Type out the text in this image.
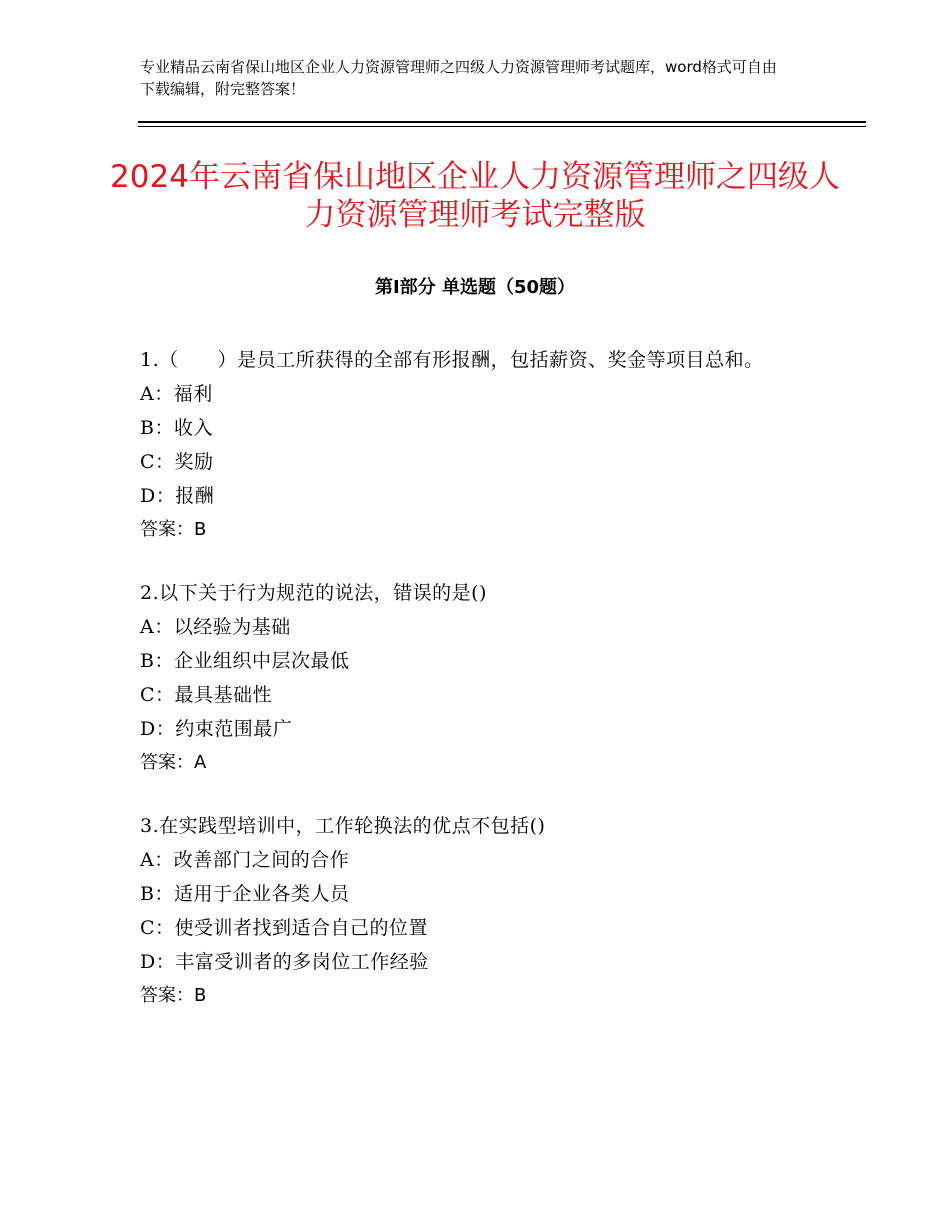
专业精品云南省保山地区企业人力资源管理师之四级人力资源管理师考试题库，word格式可自由下载编辑，附完整答案！
2024年云南省保山地区企业人力资源管理师之四级人力资源管理师考试完整版
第Ⅰ部分 单选题（50题）
1.（　　）是员工所获得的全部有形报酬，包括薪资、奖金等项目总和。
A：福利
B：收入
C：奖励
D：报酬
答案：B
2.以下关于行为规范的说法，错误的是()
A：以经验为基础
B：企业组织中层次最低
C：最具基础性
D：约束范围最广
答案：A
3.在实践型培训中，工作轮换法的优点不包括()
A：改善部门之间的合作
B：适用于企业各类人员
C：使受训者找到适合自己的位置
D：丰富受训者的多岗位工作经验
答案：B
